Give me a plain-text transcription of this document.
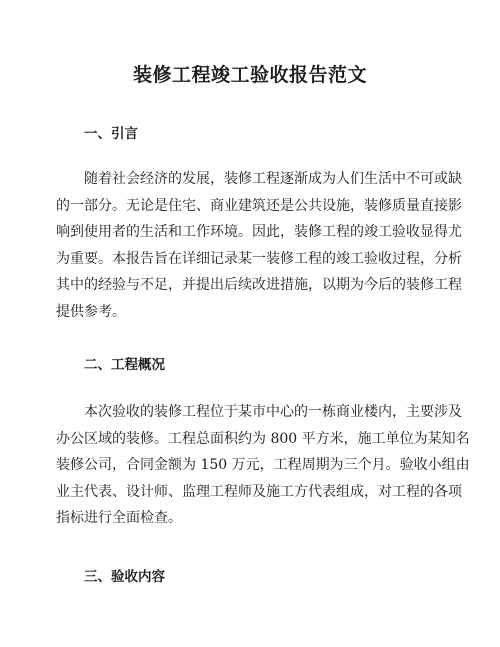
装修工程竣工验收报告范文
一、引言
随着社会经济的发展，装修工程逐渐成为人们生活中不可或缺
的一部分。无论是住宅、商业建筑还是公共设施，装修质量直接影
响到使用者的生活和工作环境。因此，装修工程的竣工验收显得尤
为重要。本报告旨在详细记录某一装修工程的竣工验收过程，分析
其中的经验与不足，并提出后续改进措施，以期为今后的装修工程
提供参考。
二、工程概况
本次验收的装修工程位于某市中心的一栋商业楼内，主要涉及
办公区域的装修。工程总面积约为 800 平方米，施工单位为某知名
装修公司，合同金额为 150 万元，工程周期为三个月。验收小组由
业主代表、设计师、监理工程师及施工方代表组成，对工程的各项
指标进行全面检查。
三、验收内容
